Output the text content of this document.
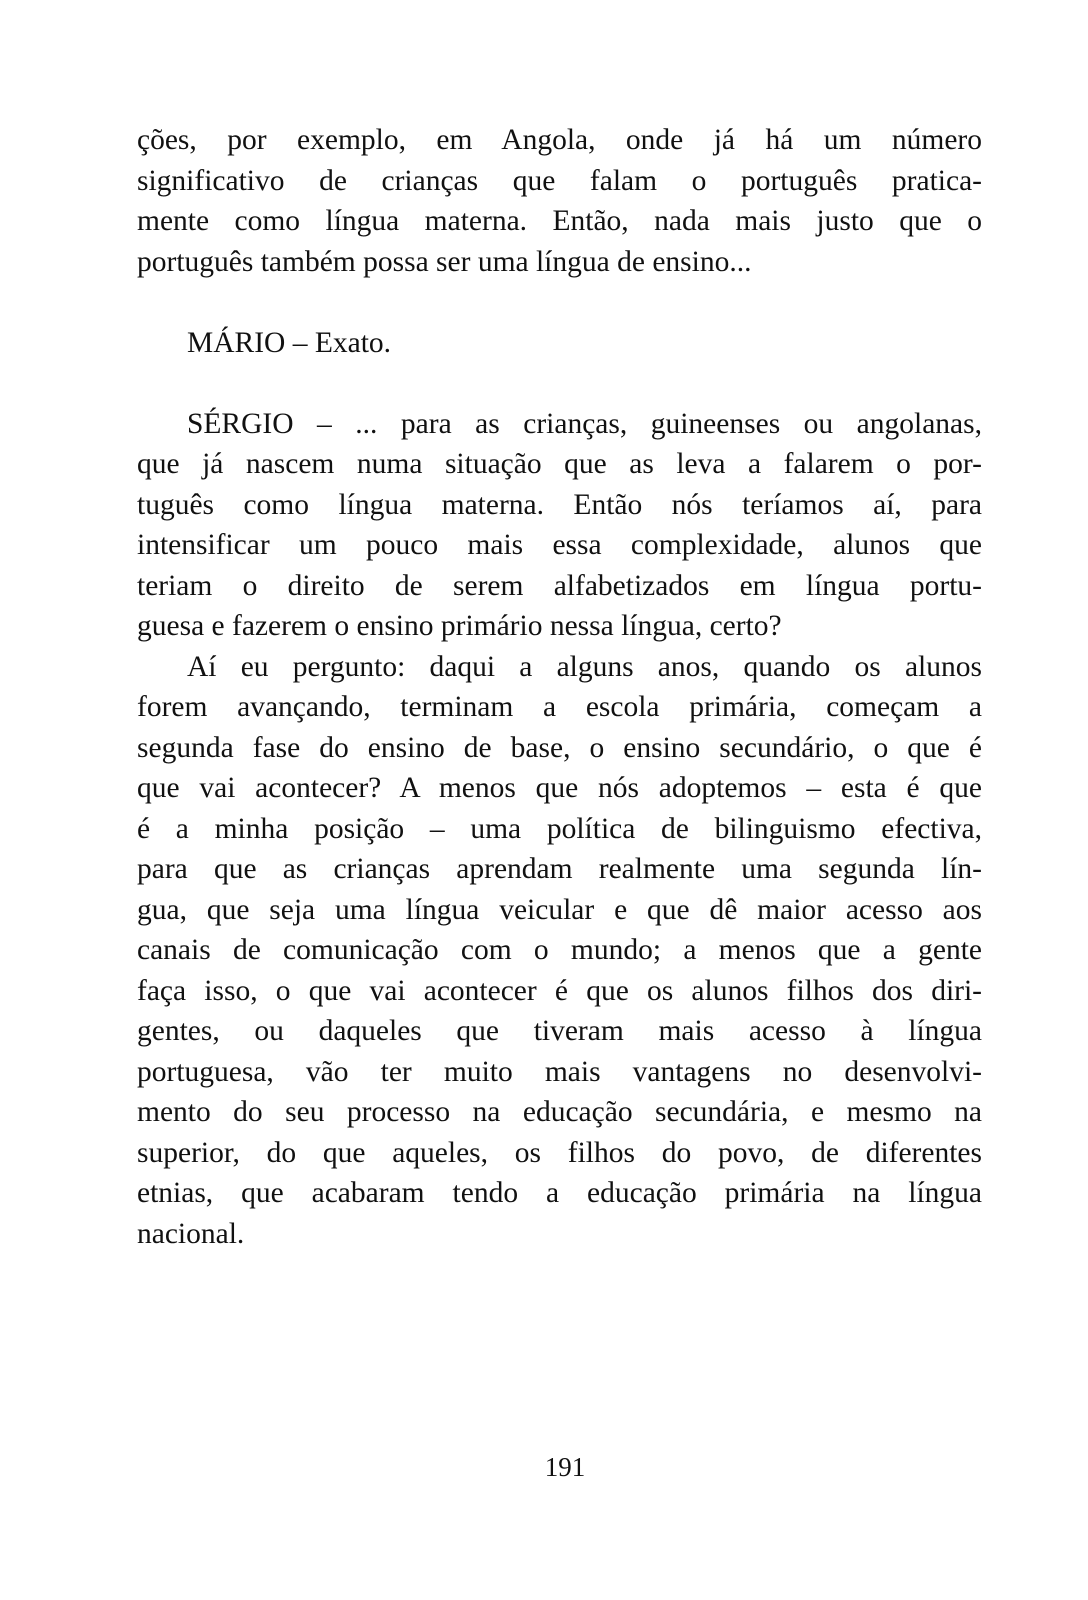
ções, por exemplo, em Angola, onde já há um número
significativo de crianças que falam o português pratica-
mente como língua materna. Então, nada mais justo que o
português também possa ser uma língua de ensino...
MÁRIO – Exato.
SÉRGIO – ... para as crianças, guineenses ou angolanas,
que já nascem numa situação que as leva a falarem o por-
tuguês como língua materna. Então nós teríamos aí, para
intensificar um pouco mais essa complexidade, alunos que
teriam o direito de serem alfabetizados em língua portu-
guesa e fazerem o ensino primário nessa língua, certo?
Aí eu pergunto: daqui a alguns anos, quando os alunos
forem avançando, terminam a escola primária, começam a
segunda fase do ensino de base, o ensino secundário, o que é
que vai acontecer? A menos que nós adoptemos – esta é que
é a minha posição – uma política de bilinguismo efectiva,
para que as crianças aprendam realmente uma segunda lín-
gua, que seja uma língua veicular e que dê maior acesso aos
canais de comunicação com o mundo; a menos que a gente
faça isso, o que vai acontecer é que os alunos filhos dos diri-
gentes, ou daqueles que tiveram mais acesso à língua
portuguesa, vão ter muito mais vantagens no desenvolvi-
mento do seu processo na educação secundária, e mesmo na
superior, do que aqueles, os filhos do povo, de diferentes
etnias, que acabaram tendo a educação primária na língua
nacional.
191
